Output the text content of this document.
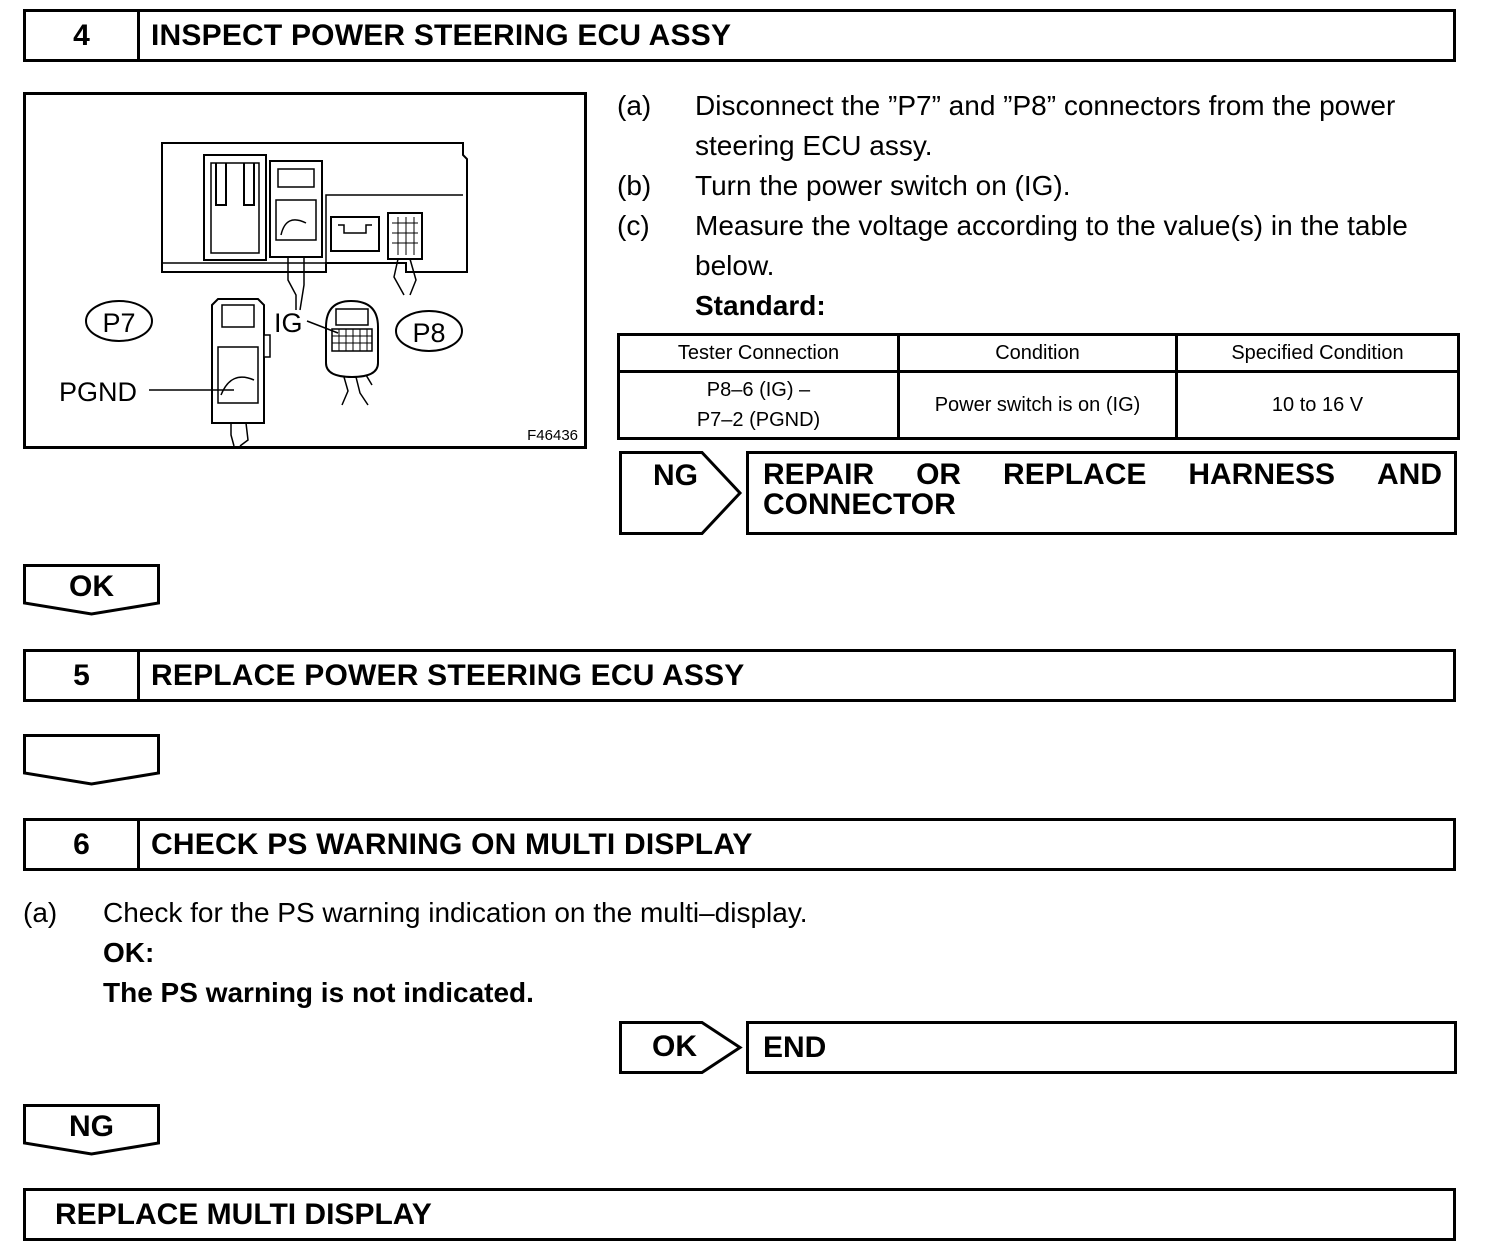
4	INSPECT POWER STEERING ECU ASSY
P7	P8
IG
PGND
F46436
(a) Disconnect the ”P7” and ”P8” connectors from the power
steering ECU assy.
(b) Turn the power switch on (IG).
(c) Measure the voltage according to the value(s) in the table
below.
Standard:
Tester Connection	Condition	Specified Condition

P8–6 (IG) –
P7–2 (PGND)	Power switch is on (IG)	10 to 16 V
NG REPAIR OR REPLACE HARNESS AND
CONNECTOR
OK
5	REPLACE POWER STEERING ECU ASSY
6	CHECK PS WARNING ON MULTI DISPLAY
(a) Check for the PS warning indication on the multi–display.
OK:
The PS warning is not indicated.
OK	END
NG
REPLACE MULTI DISPLAY
